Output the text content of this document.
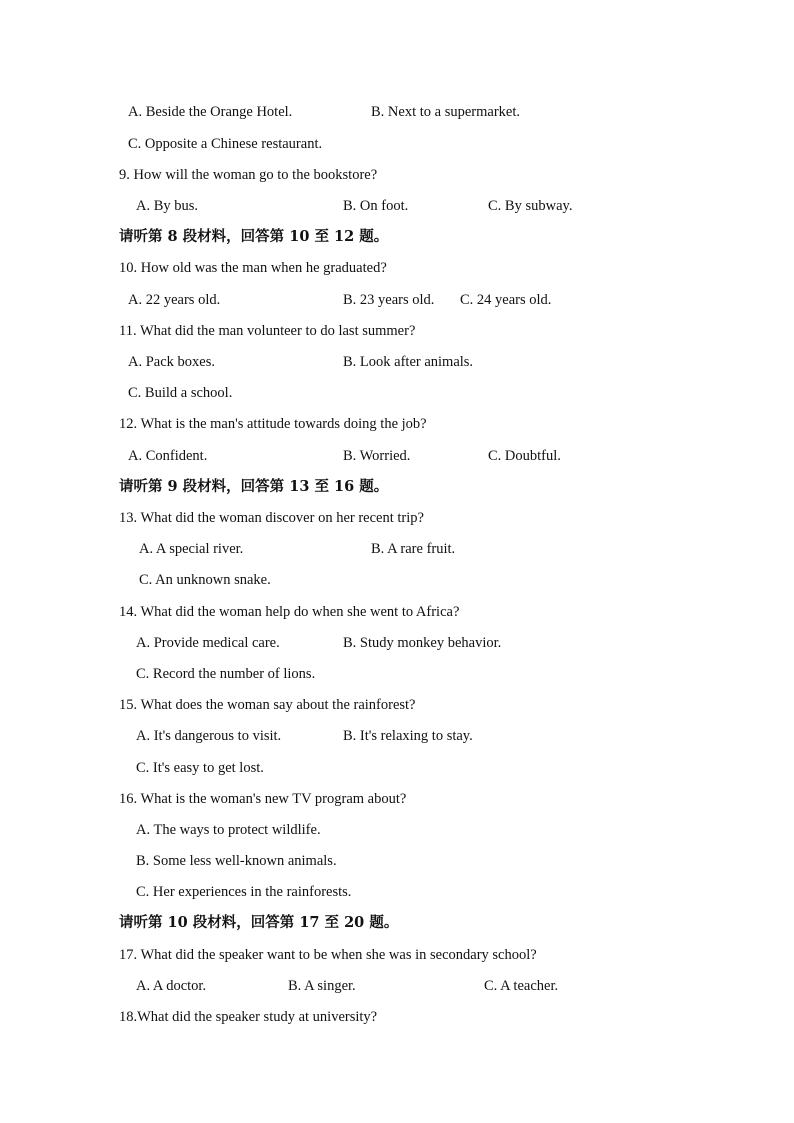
A. Beside the Orange Hotel.	B. Next to a supermarket.
C. Opposite a Chinese restaurant.
9. How will the woman go to the bookstore?
A. By bus.	B. On foot.	C. By subway.
请听第 8 段材料，回答第 10 至 12 题。
10. How old was the man when he graduated?
A. 22 years old.	B. 23 years old. C. 24 years old.
11. What did the man volunteer to do last summer?
A. Pack boxes.	B. Look after animals.
C. Build a school.
12. What is the man's attitude towards doing the job?
A. Confident.	B. Worried.	C. Doubtful.
请听第 9 段材料，回答第 13 至 16 题。
13. What did the woman discover on her recent trip?
A. A special river.	B. A rare fruit.
C. An unknown snake.
14. What did the woman help do when she went to Africa?
A. Provide medical care.	B. Study monkey behavior.
C. Record the number of lions.
15. What does the woman say about the rainforest?
A. It's dangerous to visit.	B. It's relaxing to stay.
C. It's easy to get lost.
16. What is the woman's new TV program about?
A. The ways to protect wildlife.
B. Some less well-known animals.
C. Her experiences in the rainforests.
请听第 10 段材料，回答第 17 至 20 题。
17. What did the speaker want to be when she was in secondary school?
A. A doctor.	B. A singer.	C. A teacher.
18.What did the speaker study at university?
